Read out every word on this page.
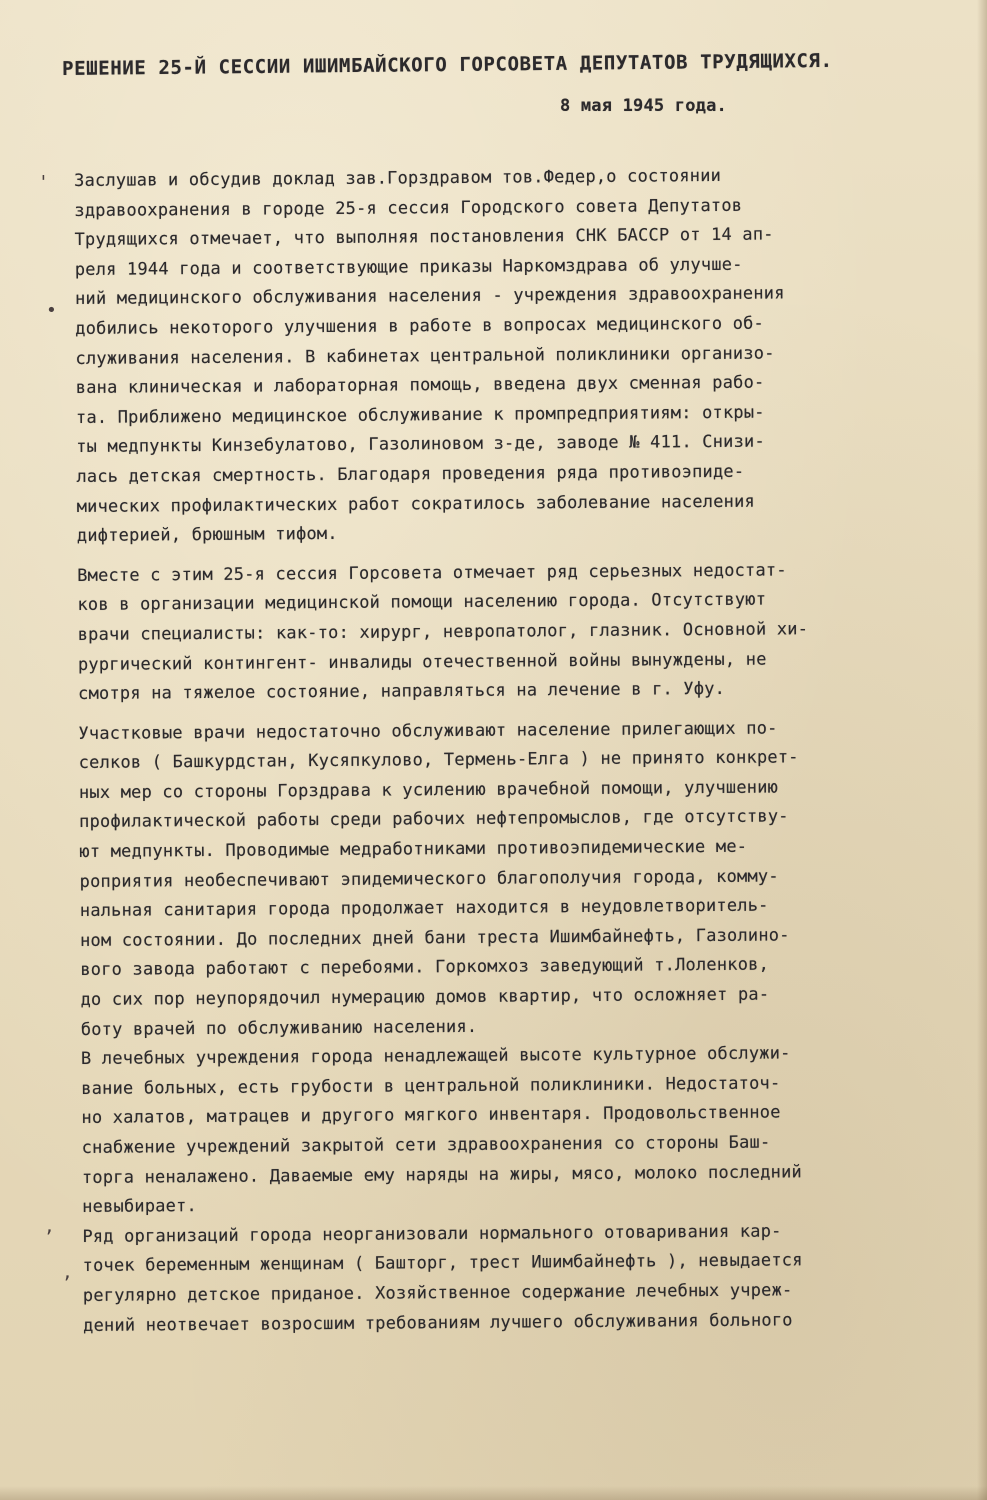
'
•
‚
,
РЕШЕНИЕ 25-Й СЕССИИ ИШИМБАЙСКОГО ГОРСОВЕТА ДЕПУТАТОВ ТРУДЯЩИХСЯ.
8 мая 1945 года.
Заслушав и обсудив доклад зав.Горздравом тов.Федер,о состоянии
здравоохранения в городе 25-я сессия Городского совета Депутатов
Трудящихся отмечает, что выполняя постановления СНК БАССР от 14 ап-
реля 1944 года и соответствующие приказы Наркомздрава об улучше-
ний медицинского обслуживания населения - учреждения здравоохранения
добились некоторого улучшения в работе в вопросах медицинского об-
служивания населения. В кабинетах центральной поликлиники организо-
вана клиническая и лабораторная помощь, введена двух сменная рабо-
та. Приближено медицинское обслуживание к промпредприятиям: откры-
ты медпункты Кинзебулатово, Газолиновом з-де, заводе № 411. Снизи-
лась детская смертность. Благодаря проведения ряда противоэпиде-
мических профилактических работ сократилось заболевание населения
дифтерией, брюшным тифом.
Вместе с этим 25-я сессия Горсовета отмечает ряд серьезных недостат-
ков в организации медицинской помощи населению города. Отсутствуют
врачи специалисты: как-то: хирург, невропатолог, глазник. Основной хи-
рургический контингент- инвалиды отечественной войны вынуждены, не
смотря на тяжелое состояние, направляться на лечение в г. Уфу.
Участковые врачи недостаточно обслуживают население прилегающих по-
селков ( Башкурдстан, Кусяпкулово, Термень-Елга ) не принято конкрет-
ных мер со стороны Горздрава к усилению врачебной помощи, улучшению
профилактической работы среди рабочих нефтепромыслов, где отсутству-
ют медпункты. Проводимые медработниками противоэпидемические ме-
роприятия необеспечивают эпидемического благополучия города, комму-
нальная санитария города продолжает находится в неудовлетворитель-
ном состоянии. До последних дней бани треста Ишимбайнефть, Газолино-
вого завода работают с перебоями. Горкомхоз заведующий т.Лоленков,
до сих пор неупорядочил нумерацию домов квартир, что осложняет ра-
боту врачей по обслуживанию населения.
В лечебных учреждения города ненадлежащей высоте культурное обслужи-
вание больных, есть грубости в центральной поликлиники. Недостаточ-
но халатов, матрацев и другого мягкого инвентаря. Продовольственное
снабжение учреждений закрытой сети здравоохранения со стороны Баш-
торга неналажено. Даваемые ему наряды на жиры, мясо, молоко последний
невыбирает.
Ряд организаций города неорганизовали нормального отоваривания кар-
точек беременным женщинам ( Башторг, трест Ишимбайнефть ), невыдается
регулярно детское приданое. Хозяйственное содержание лечебных учреж-
дений неотвечает возросшим требованиям лучшего обслуживания больного
